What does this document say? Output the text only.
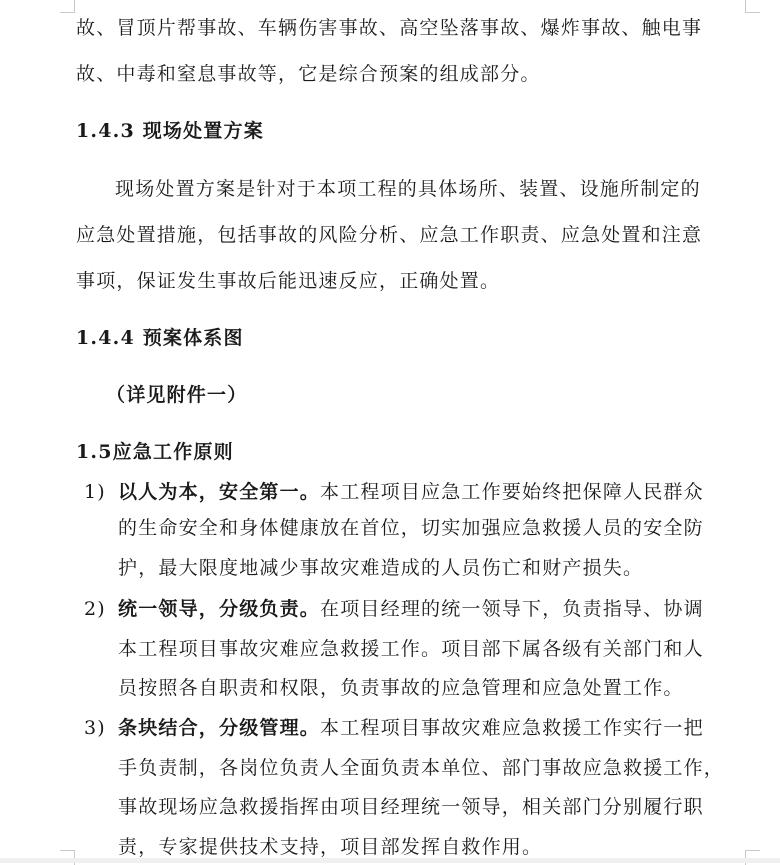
故、冒顶片帮事故、车辆伤害事故、高空坠落事故、爆炸事故、触电事
故、中毒和窒息事故等，它是综合预案的组成部分。
1.4.3 现场处置方案
现场处置方案是针对于本项工程的具体场所、装置、设施所制定的
应急处置措施，包括事故的风险分析、应急工作职责、应急处置和注意
事项，保证发生事故后能迅速反应，正确处置。
1.4.4 预案体系图
（详见附件一）
1.5应急工作原则
1) 以人为本，安全第一。本工程项目应急工作要始终把保障人民群众
的生命安全和身体健康放在首位，切实加强应急救援人员的安全防
护，最大限度地减少事故灾难造成的人员伤亡和财产损失。
2) 统一领导，分级负责。在项目经理的统一领导下，负责指导、协调
本工程项目事故灾难应急救援工作。项目部下属各级有关部门和人
员按照各自职责和权限，负责事故的应急管理和应急处置工作。
3) 条块结合，分级管理。本工程项目事故灾难应急救援工作实行一把
手负责制，各岗位负责人全面负责本单位、部门事故应急救援工作，
事故现场应急救援指挥由项目经理统一领导，相关部门分别履行职
责，专家提供技术支持，项目部发挥自救作用。
